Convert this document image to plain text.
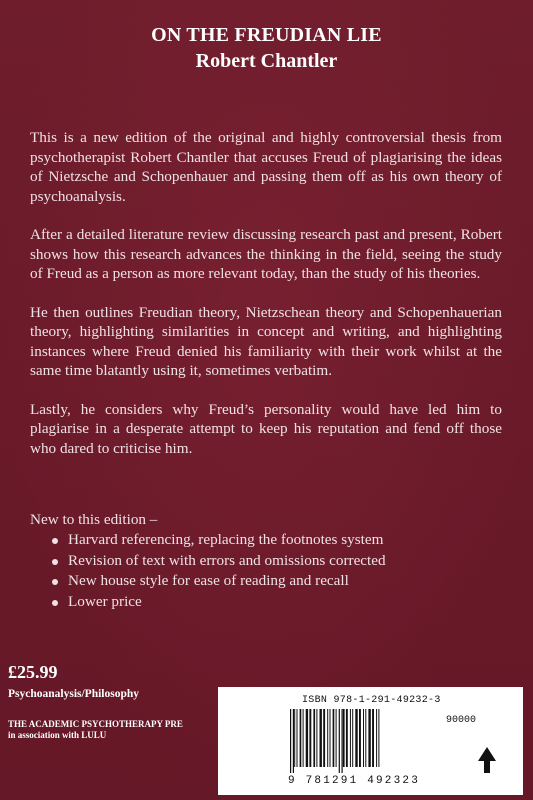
ON THE FREUDIAN LIE
Robert Chantler

This is a new edition of the original and highly controversial thesis from psychotherapist Robert Chantler that accuses Freud of plagiarising the ideas of Nietzsche and Schopenhauer and passing them off as his own theory of psychoanalysis.

After a detailed literature review discussing research past and present, Robert shows how this research advances the thinking in the field, seeing the study of Freud as a person as more relevant today, than the study of his theories.

He then outlines Freudian theory, Nietzschean theory and Schopenhauerian theory, highlighting similarities in concept and writing, and highlighting instances where Freud denied his familiarity with their work whilst at the same time blatantly using it, sometimes verbatim.

Lastly, he considers why Freud’s personality would have led him to plagiarise in a desperate attempt to keep his reputation and fend off those who dared to criticise him.

New to this edition –
Harvard referencing, replacing the footnotes system
Revision of text with errors and omissions corrected
New house style for ease of reading and recall
Lower price
£25.99
Psychoanalysis/Philosophy
THE ACADEMIC PSYCHOTHERAPY PRE
in association with LULU
ISBN 978-1-291-49232-3
90000
9 781291 492323
